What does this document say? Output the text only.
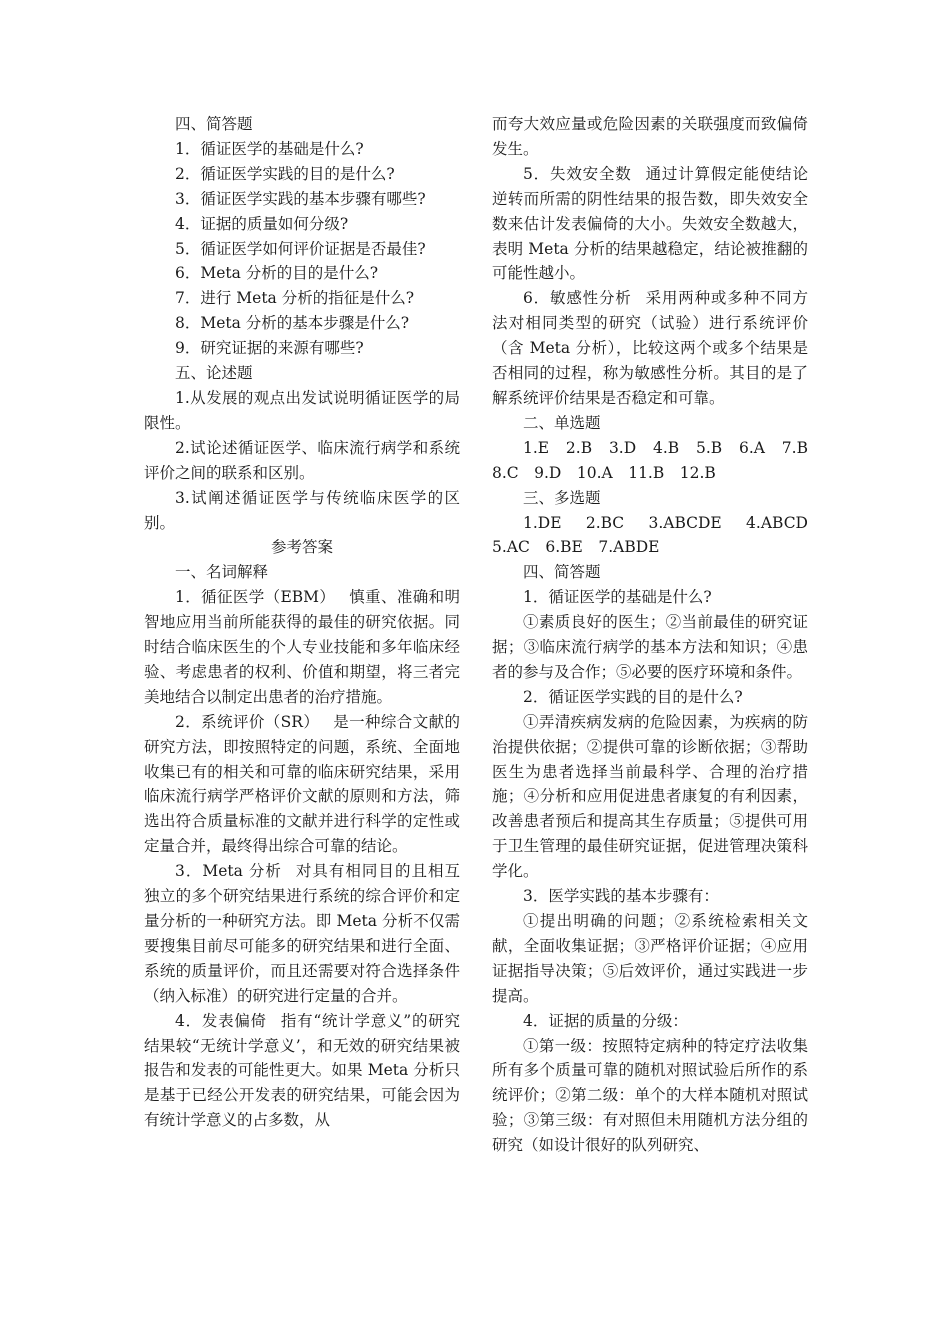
四、简答题

1．循证医学的基础是什么?

2．循证医学实践的目的是什么?

3．循证医学实践的基本步骤有哪些?

4．证据的质量如何分级?

5．循证医学如何评价证据是否最佳?

6．Meta 分析的目的是什么?

7．进行 Meta 分析的指征是什么?

8．Meta 分析的基本步骤是什么?

9．研究证据的来源有哪些?

五、论述题

1.从发展的观点出发试说明循证医学的局限性。

2.试论述循证医学、临床流行病学和系统评价之间的联系和区别。

3.试阐述循证医学与传统临床医学的区别。

参考答案

一、名词解释

1．循征医学（EBM） 慎重、准确和明智地应用当前所能获得的最佳的研究依据。同时结合临床医生的个人专业技能和多年临床经验、考虑患者的权利、价值和期望，将三者完美地结合以制定出患者的治疗措施。

2．系统评价（SR） 是一种综合文献的研究方法，即按照特定的问题，系统、全面地收集已有的相关和可靠的临床研究结果，采用临床流行病学严格评价文献的原则和方法，筛选出符合质量标准的文献并进行科学的定性或定量合并，最终得出综合可靠的结论。

3．Meta 分析 对具有相同目的且相互独立的多个研究结果进行系统的综合评价和定量分析的一种研究方法。即 Meta 分析不仅需要搜集目前尽可能多的研究结果和进行全面、系统的质量评价，而且还需要对符合选择条件（纳入标准）的研究进行定量的合并。

4．发表偏倚 指有“统计学意义”的研究结果较“无统计学意义’，和无效的研究结果被报告和发表的可能性更大。如果 Meta 分析只是基于已经公开发表的研究结果，可能会因为有统计学意义的占多数，从

而夸大效应量或危险因素的关联强度而致偏倚发生。

5．失效安全数 通过计算假定能使结论逆转而所需的阴性结果的报告数，即失效安全数来估计发表偏倚的大小。失效安全数越大，表明 Meta 分析的结果越稳定，结论被推翻的可能性越小。

6．敏感性分析 采用两种或多种不同方法对相同类型的研究（试验）进行系统评价（含 Meta 分析），比较这两个或多个结果是否相同的过程，称为敏感性分析。其目的是了解系统评价结果是否稳定和可靠。

二、单选题

1.E　2.B　3.D　4.B　5.B　6.A　7.B　8.C　9.D　10.A　11.B　12.B

三、多选题

1.DE　2.BC　3.ABCDE　4.ABCD　5.AC　6.BE　7.ABDE

四、简答题

1．循证医学的基础是什么?

①素质良好的医生；②当前最佳的研究证据；③临床流行病学的基本方法和知识；④患者的参与及合作；⑤必要的医疗环境和条件。

2．循证医学实践的目的是什么?

①弄清疾病发病的危险因素，为疾病的防治提供依据；②提供可靠的诊断依据；③帮助医生为患者选择当前最科学、合理的治疗措施；④分析和应用促进患者康复的有利因素，改善患者预后和提高其生存质量；⑤提供可用于卫生管理的最佳研究证据，促进管理决策科学化。

3．医学实践的基本步骤有：

①提出明确的问题；②系统检索相关文献，全面收集证据；③严格评价证据；④应用证据指导决策；⑤后效评价，通过实践进一步提高。

4．证据的质量的分级：

①第一级：按照特定病种的特定疗法收集所有多个质量可靠的随机对照试验后所作的系统评价；②第二级：单个的大样本随机对照试验；③第三级：有对照但未用随机方法分组的研究（如设计很好的队列研究、
